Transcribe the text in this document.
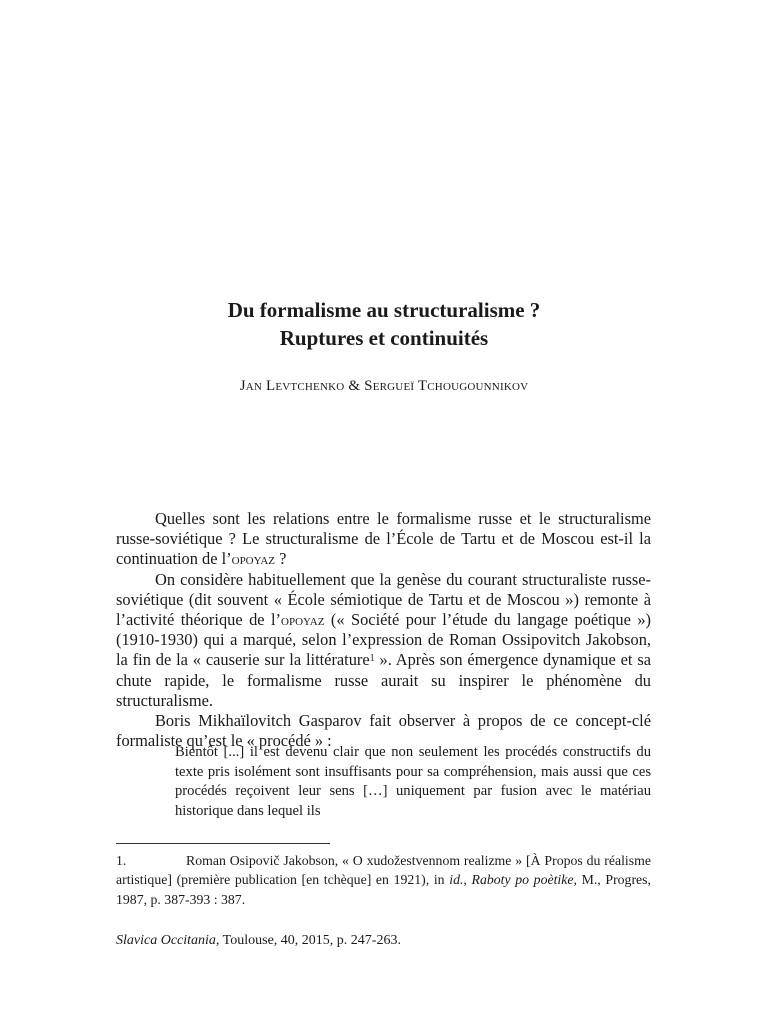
Du formalisme au structuralisme ?
Ruptures et continuités
Jan Levtchenko & Sergueï Tchougounnikov

Quelles sont les relations entre le formalisme russe et le structuralisme russe-soviétique ? Le structuralisme de l’École de Tartu et de Moscou est-il la continuation de l’opoyaz ?

On considère habituellement que la genèse du courant structuraliste russe-soviétique (dit souvent « École sémiotique de Tartu et de Moscou ») remonte à l’activité théorique de l’opoyaz (« Société pour l’étude du langage poétique ») (1910-1930) qui a marqué, selon l’expression de Roman Ossipovitch Jakobson, la fin de la « causerie sur la littérature$^1$ ». Après son émergence dynamique et sa chute rapide, le formalisme russe aurait su inspirer le phénomène du structuralisme.

Boris Mikhaïlovitch Gasparov fait observer à propos de ce concept-clé formaliste qu’est le « procédé » :

Bientôt [...] il est devenu clair que non seulement les procédés constructifs du texte pris isolément sont insuffisants pour sa compréhension, mais aussi que ces procédés reçoivent leur sens […] uniquement par fusion avec le matériau historique dans lequel ils

1.	Roman Osipovič Jakobson, « O xudožestvennom realizme » [À Propos du réalisme artistique] (première publication [en tchèque] en 1921), in id., Raboty po poètike, M., Progres, 1987, p. 387-393 : 387.

Slavica Occitania, Toulouse, 40, 2015, p. 247-263.
